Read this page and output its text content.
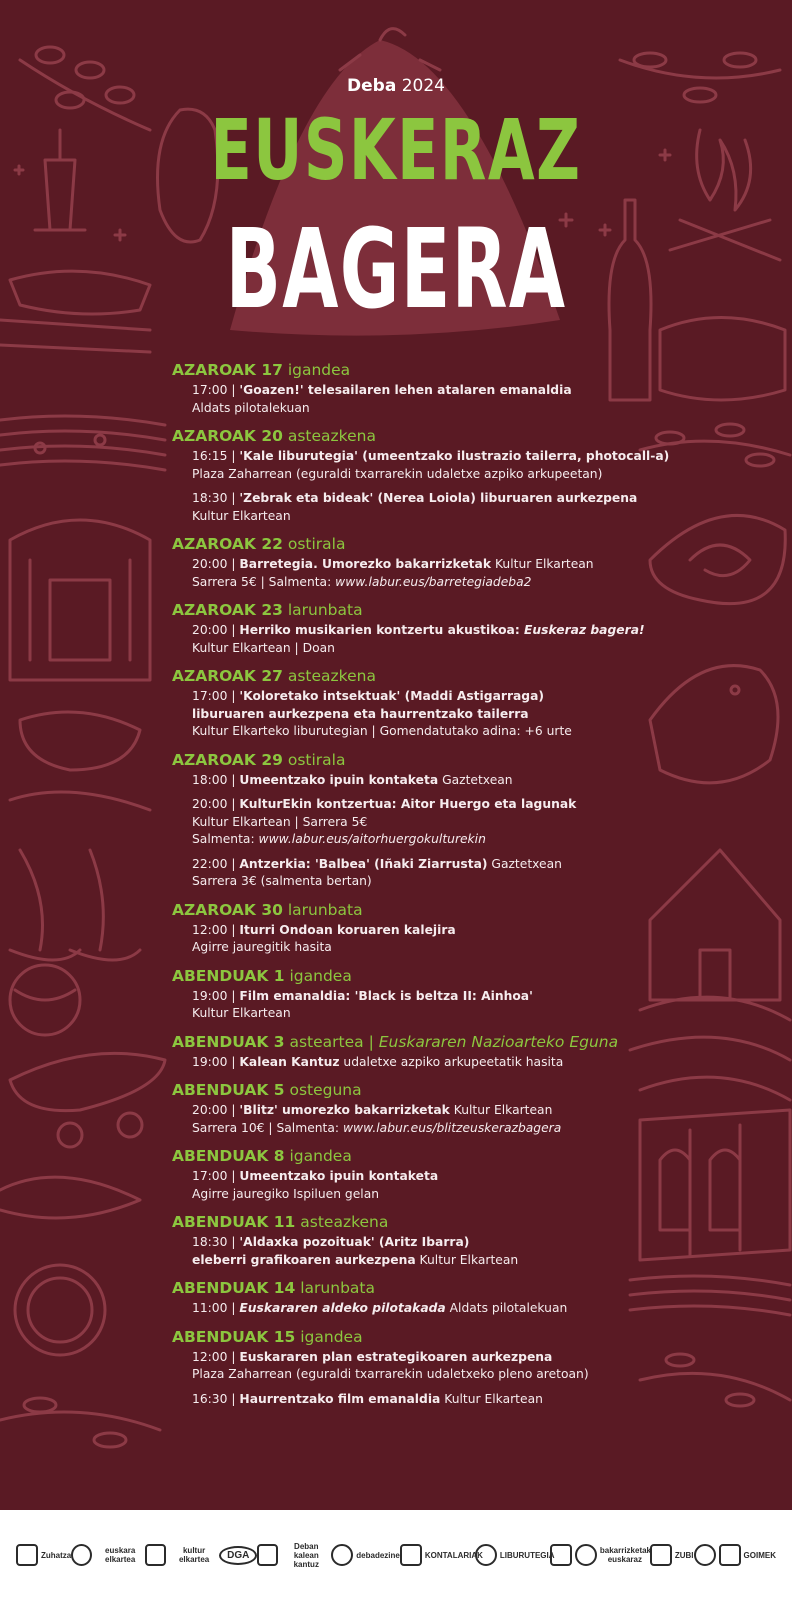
Deba 2024
EUSKERAZ
BAGERA
AZAROAK 17 igandea
17:00 | 'Goazen!' telesailaren lehen atalaren emanaldia
Aldats pilotalekuan
AZAROAK 20 asteazkena
16:15 | 'Kale liburutegia' (umeentzako ilustrazio tailerra, photocall-a)
Plaza Zaharrean (eguraldi txarrarekin udaletxe azpiko arkupeetan)
18:30 | 'Zebrak eta bideak' (Nerea Loiola) liburuaren aurkezpena
Kultur Elkartean
AZAROAK 22 ostirala
20:00 | Barretegia. Umorezko bakarrizketak Kultur Elkartean
Sarrera 5€ | Salmenta: www.labur.eus/barretegiadeba2
AZAROAK 23 larunbata
20:00 | Herriko musikarien kontzertu akustikoa: Euskeraz bagera!
Kultur Elkartean | Doan
AZAROAK 27 asteazkena
17:00 | 'Koloretako intsektuak' (Maddi Astigarraga)
liburuaren aurkezpena eta haurrentzako tailerra
Kultur Elkarteko liburutegian | Gomendatutako adina: +6 urte
AZAROAK 29 ostirala
18:00 | Umeentzako ipuin kontaketa Gaztetxean
20:00 | KulturEkin kontzertua: Aitor Huergo eta lagunak
Kultur Elkartean | Sarrera 5€
Salmenta: www.labur.eus/aitorhuergokulturekin
22:00 | Antzerkia: 'Balbea' (Iñaki Ziarrusta) Gaztetxean
Sarrera 3€ (salmenta bertan)
AZAROAK 30 larunbata
12:00 | Iturri Ondoan koruaren kalejira
Agirre jauregitik hasita
ABENDUAK 1 igandea
19:00 | Film emanaldia: 'Black is beltza II: Ainhoa'
Kultur Elkartean
ABENDUAK 3 asteartea | Euskararen Nazioarteko Eguna
19:00 | Kalean Kantuz udaletxe azpiko arkupeetatik hasita
ABENDUAK 5 osteguna
20:00 | 'Blitz' umorezko bakarrizketak Kultur Elkartean
Sarrera 10€ | Salmenta: www.labur.eus/blitzeuskerazbagera
ABENDUAK 8 igandea
17:00 | Umeentzako ipuin kontaketa
Agirre jauregiko Ispiluen gelan
ABENDUAK 11 asteazkena
18:30 | 'Aldaxka pozoituak' (Aritz Ibarra)
eleberri grafikoaren aurkezpena Kultur Elkartean
ABENDUAK 14 larunbata
11:00 | Euskararen aldeko pilotakada Aldats pilotalekuan
ABENDUAK 15 igandea
12:00 | Euskararen plan estrategikoaren aurkezpena
Plaza Zaharrean (eguraldi txarrarekin udaletxeko pleno aretoan)
16:30 | Haurrentzako film emanaldia Kultur Elkartean
Zuhatza	euskara elkartea
kultur elkartea	DGA
Deban kalean kantuz
debadezine	KONTALARIAK LIBURUTEGIA	bakarrizketak euskaraz	ZUBI	GOIMEK
